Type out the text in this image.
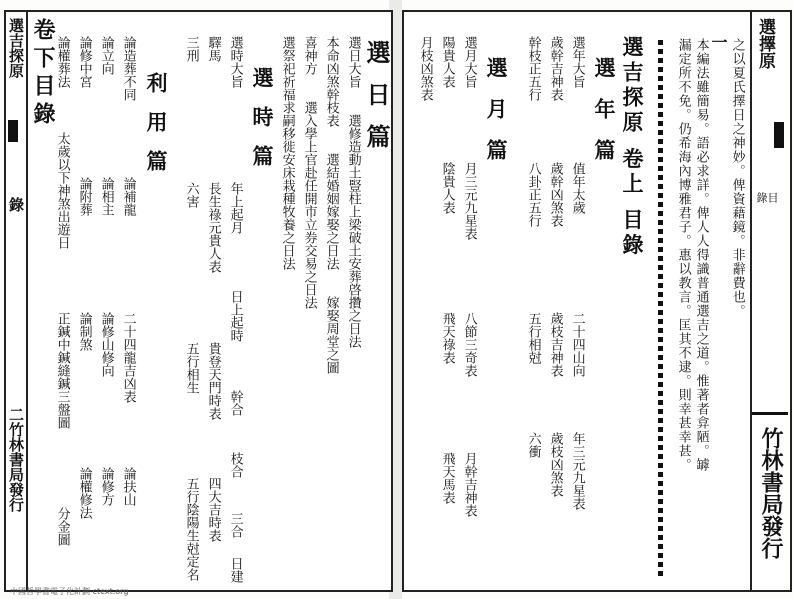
選吉探原
錄
二竹林書局發行
卷下目錄	論造葬不同
論補龍
二十四龍吉凶表
論扶山
論立向
論相主
論修山修向
論修方
論修中宮
論附葬
論制煞
論權修法
論權葬法
太歲以下神煞出遊日
正鍼中鍼縫鍼三盤圖
分金圖
利用篇
選時大旨
年上起月
日上起時
幹合
枝合
三合
日建
驛馬
長生祿元貴人表
貴登天門時表
四大吉時表
三刑
六害
五行相生
五行陰陽生尅定名
選時篇	選日大旨　　選修造動土豎柱上梁破土安葬啓攢之日法
本命凶煞幹枝表　　選結婚姻嫁娶之日法　　嫁娶周堂之圖
喜神方　　選入學上官赴任開市立券交易之日法
選祭祀祈福求嗣移徙安床栽種牧養之日法	選日篇 月枝凶煞表 陽貴人表
陰貴人表
飛天祿表
飛天馬表
選月大旨
月三元九星表
八節三奇表
月幹吉神表
選月篇 幹枝正五行
八卦正五行
五行相尅
六衝
歲幹吉神表
歲幹凶煞表
歲枝吉神表
歲枝凶煞表
選年大旨
值年太歲
二十四山向
年三元九星表
選年篇 選吉探原 卷上 目錄 漏定所不免。仍希海內博雅君子。惠以教言。匡其不逮。則幸甚幸甚。 本編法雖簡易。語必求詳。俾人人得識普通選吉之道。惟著者弇陋。罅 一 之以夏氏擇日之神妙。俾資藉鏡。非辭費也。
選擇原
目
錄
竹林書局發行
中國哲學書電子化計劃 ctext.org
